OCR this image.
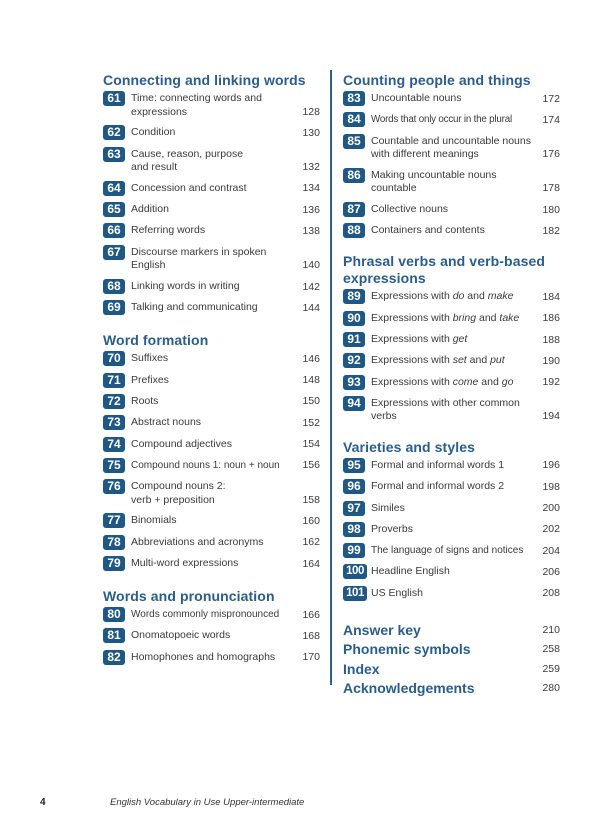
Connecting and linking words
61 Time: connecting words and expressions	128
62 Condition	130
63 Cause, reason, purpose and result	132
64 Concession and contrast	134
65 Addition	136
66 Referring words	138
67 Discourse markers in spoken English	140
68 Linking words in writing	142
69 Talking and communicating	144
Word formation
70 Suffixes	146
71 Prefixes	148
72 Roots	150
73 Abstract nouns	152
74 Compound adjectives	154
75	Compound nouns 1: noun + noun	156
76 Compound nouns 2: verb + preposition	158
77 Binomials	160
78 Abbreviations and acronyms	162
79 Multi-word expressions	164
Words and pronunciation
80	Words commonly mispronounced	166
81 Onomatopoeic words	168
82 Homophones and homographs	170
Counting people and things
83 Uncountable nouns	172
84	Words that only occur in the plural	174
85 Countable and uncountable nouns with different meanings	176
86 Making uncountable nouns countable	178
87 Collective nouns	180
88 Containers and contents	182
Phrasal verbs and verb-based expressions
89 Expressions with do and make	184
90 Expressions with bring and take	186
91 Expressions with get	188
92 Expressions with set and put	190
93 Expressions with come and go	192
94 Expressions with other common verbs	194
Varieties and styles
95 Formal and informal words 1	196
96 Formal and informal words 2	198
97 Similes	200
98 Proverbs	202
99	The language of signs and notices	204
100 Headline English	206
101 US English	208
Answer key	210
Phonemic symbols	258
Index	259
Acknowledgements	280
4	English Vocabulary in Use Upper-intermediate
